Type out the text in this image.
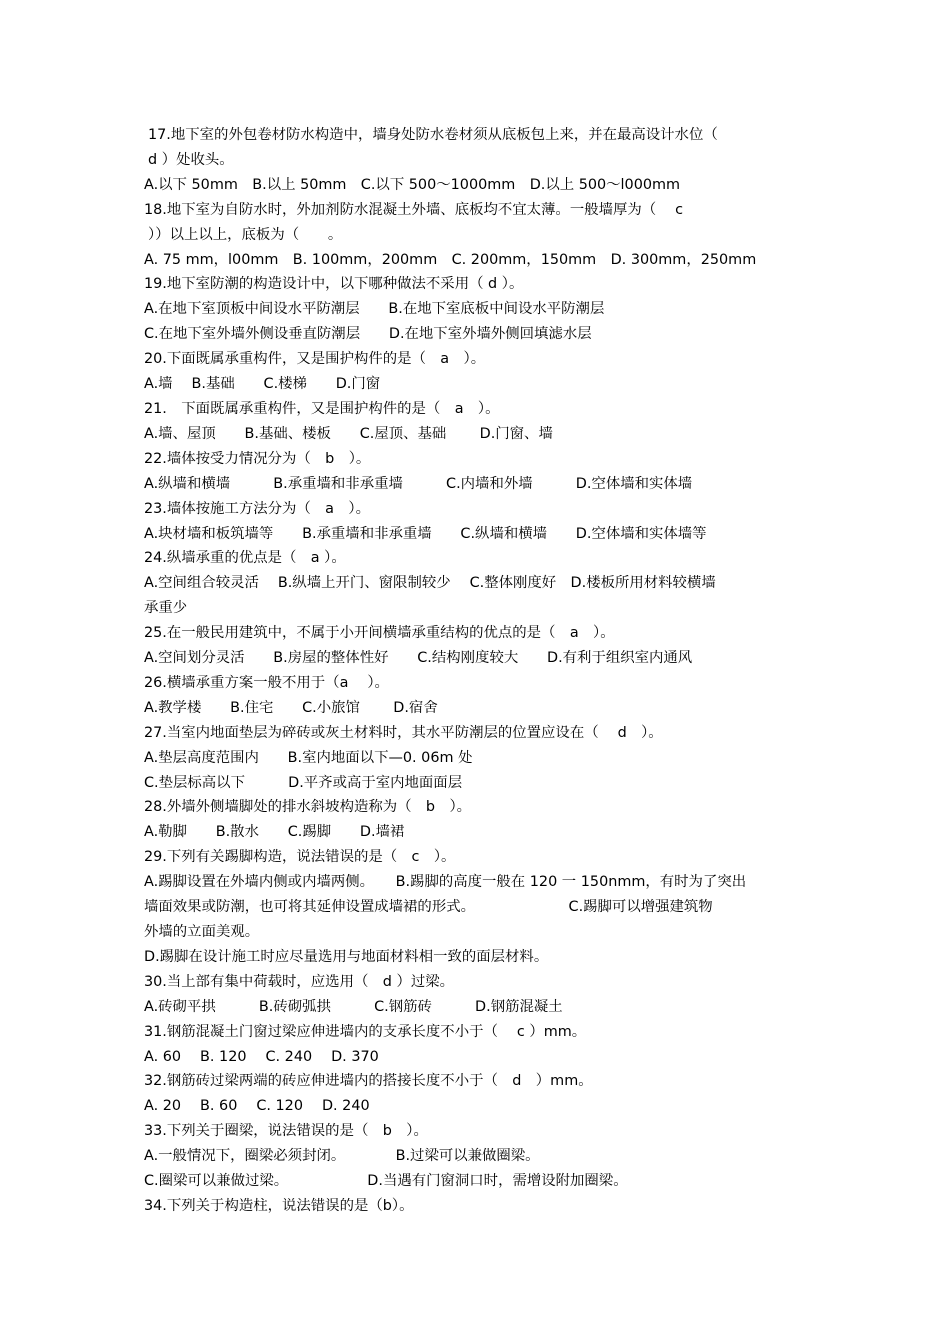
17.地下室的外包卷材防水构造中，墙身处防水卷材须从底板包上来，并在最高设计水位（

d ）处收头。

A.以下 50mm　B.以上 50mm　C.以下 500～1000mm　D.以上 500～l000mm

18.地下室为自防水时，外加剂防水混凝土外墙、底板均不宜太薄。一般墙厚为（　 c

））以上以上，底板为（　　。

A. 75 mm，l00mm　B. 100mm，200mm　C. 200mm，150mm　D. 300mm，250mm

19.地下室防潮的构造设计中，以下哪种做法不采用（ d ）。

A.在地下室顶板中间设水平防潮层　　B.在地下室底板中间设水平防潮层

C.在地下室外墙外侧设垂直防潮层　　D.在地下室外墙外侧回填滤水层

20.下面既属承重构件，又是围护构件的是（　a　）。

A.墙　 B.基础　　C.楼梯　　D.门窗

21.　下面既属承重构件，又是围护构件的是（　a　）。

A.墙、屋顶　　B.基础、楼板　　C.屋顶、基础　　 D.门窗、墙

22.墙体按受力情况分为（　b　）。

A.纵墙和横墙　　　B.承重墙和非承重墙　　　C.内墙和外墙　　　D.空体墙和实体墙

23.墙体按施工方法分为（　a　）。

A.块材墙和板筑墙等　　B.承重墙和非承重墙　　C.纵墙和横墙　　D.空体墙和实体墙等

24.纵墙承重的优点是（　a ）。

A.空间组合较灵活　 B.纵墙上开门、窗限制较少　 C.整体刚度好　D.楼板所用材料较横墙

承重少

25.在一般民用建筑中，不属于小开间横墙承重结构的优点的是（　a　）。

A.空间划分灵活　　B.房屋的整体性好　　C.结构刚度较大　　D.有利于组织室内通风

26.横墙承重方案一般不用于（a　 ）。

A.教学楼　　B.住宅　　C.小旅馆　　 D.宿舍

27.当室内地面垫层为碎砖或灰土材料时，其水平防潮层的位置应设在（　 d　）。

A.垫层高度范围内　　B.室内地面以下—0. 06m 处

C.垫层标高以下　　　D.平齐或高于室内地面面层

28.外墙外侧墙脚处的排水斜坡构造称为（　b　）。

A.勒脚　　B.散水　　C.踢脚　　D.墙裙

29.下列有关踢脚构造，说法错误的是（　c　）。

A.踢脚设置在外墙内侧或内墙两侧。　　B.踢脚的高度一般在 120 一 150nmm，有时为了突出

墙面效果或防潮，也可将其延伸设置成墙裙的形式。　　　　　　　C.踢脚可以增强建筑物

外墙的立面美观。

D.踢脚在设计施工时应尽量选用与地面材料相一致的面层材料。

30.当上部有集中荷载时，应选用（　d ）过梁。

A.砖砌平拱　　　B.砖砌弧拱　　　C.钢筋砖　　　D.钢筋混凝土

31.钢筋混凝土门窗过梁应伸进墙内的支承长度不小于（　 c ）mm。

A. 60　 B. 120　 C. 240　 D. 370

32.钢筋砖过梁两端的砖应伸进墙内的搭接长度不小于（　d　）mm。

A. 20　 B. 60　 C. 120　 D. 240

33.下列关于圈梁，说法错误的是（　b　）。

A.一般情况下，圈梁必须封闭。　　　　B.过梁可以兼做圈梁。

C.圈梁可以兼做过梁。　　　　　　D.当遇有门窗洞口时，需增设附加圈梁。

34.下列关于构造柱，说法错误的是（b）。
